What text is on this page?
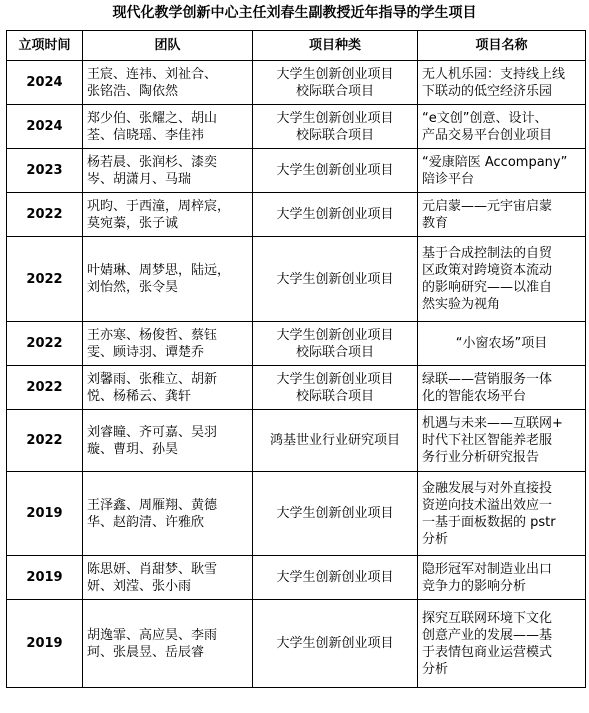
现代化教学创新中心主任刘春生副教授近年指导的学生项目
立项时间	团队	项目种类	项目名称
2024	王宸、连祎、刘祉合、
张铭浩、陶依然	大学生创新创业项目
校际联合项目	无人机乐园：支持线上线
下联动的低空经济乐园

2024	郑少伯、张耀之、胡山
荃、信晓瑶、李佳祎	大学生创新创业项目
校际联合项目	“e文创”创意、设计、
产品交易平台创业项目

2023	杨若晨、张润杉、漆奕
岑、胡潇月、马瑞	大学生创新创业项目	“爱康陪医 Accompany”
陪诊平台

2022	巩昀、于西潼，周梓宸，
莫宛蓁，张子诚	大学生创新创业项目	元启蒙——元宇宙启蒙
教育

2022	叶婧琳、周梦思，陆远，
刘怡然，张令昊	大学生创新创业项目	基于合成控制法的自贸
区政策对跨境资本流动
的影响研究——以准自
然实验为视角

2022	王亦寒、杨俊哲、蔡钰
雯、顾诗羽、谭楚乔	大学生创新创业项目
校际联合项目	“小窗农场”项目

2022	刘馨雨、张稚立、胡新
悦、杨稀云、龚轩	大学生创新创业项目
校际联合项目	绿联——营销服务一体
化的智能农场平台

2022	刘睿瞳、齐可嘉、吴羽
璇、曹玥、孙昊	鸿基世业行业研究项目	机遇与未来——互联网+
时代下社区智能养老服
务行业分析研究报告

2019	王泽鑫、周雁翔、黄德
华、赵韵清、许雅欣	大学生创新创业项目	金融发展与对外直接投
资逆向技术溢出效应一
一基于面板数据的 pstr
分析

2019	陈思妍、肖甜梦、耿雪
妍、刘滢、张小雨	大学生创新创业项目	隐形冠军对制造业出口
竞争力的影响分析

2019	胡逸霏、高应昊、李雨
珂、张晨昱、岳辰睿	大学生创新创业项目	探究互联网环境下文化
创意产业的发展——基
于表情包商业运营模式
分析
